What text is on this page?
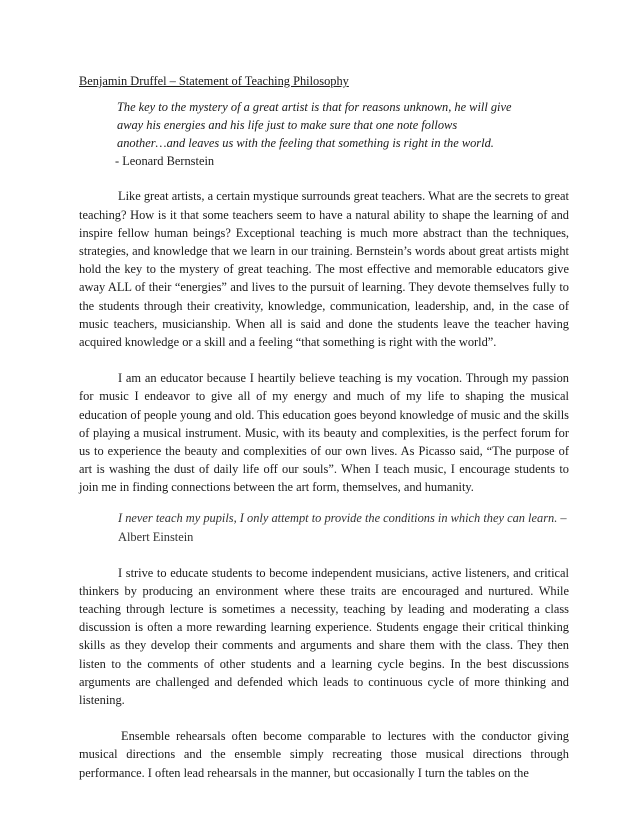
Benjamin Druffel – Statement of Teaching Philosophy
The key to the mystery of a great artist is that for reasons unknown, he will give
away his energies and his life just to make sure that one note follows
another…and leaves us with the feeling that something is right in the world.
- Leonard Bernstein

Like great artists, a certain mystique surrounds great teachers. What are the secrets to great teaching? How is it that some teachers seem to have a natural ability to shape the learning of and inspire fellow human beings? Exceptional teaching is much more abstract than the techniques, strategies, and knowledge that we learn in our training. Bernstein’s words about great artists might hold the key to the mystery of great teaching. The most effective and memorable educators give away ALL of their “energies” and lives to the pursuit of learning. They devote themselves fully to the students through their creativity, knowledge, communication, leadership, and, in the case of music teachers, musicianship. When all is said and done the students leave the teacher having acquired knowledge or a skill and a feeling “that something is right with the world”.

I am an educator because I heartily believe teaching is my vocation. Through my passion for music I endeavor to give all of my energy and much of my life to shaping the musical education of people young and old. This education goes beyond knowledge of music and the skills of playing a musical instrument. Music, with its beauty and complexities, is the perfect forum for us to experience the beauty and complexities of our own lives. As Picasso said, “The purpose of art is washing the dust of daily life off our souls”. When I teach music, I encourage students to join me in finding connections between the art form, themselves, and humanity.

I never teach my pupils, I only attempt to provide the conditions in which they can learn. – Albert Einstein

I strive to educate students to become independent musicians, active listeners, and critical thinkers by producing an environment where these traits are encouraged and nurtured. While teaching through lecture is sometimes a necessity, teaching by leading and moderating a class discussion is often a more rewarding learning experience. Students engage their critical thinking skills as they develop their comments and arguments and share them with the class. They then listen to the comments of other students and a learning cycle begins. In the best discussions arguments are challenged and defended which leads to continuous cycle of more thinking and listening.

Ensemble rehearsals often become comparable to lectures with the conductor giving musical directions and the ensemble simply recreating those musical directions through performance. I often lead rehearsals in the manner, but occasionally I turn the tables on the
